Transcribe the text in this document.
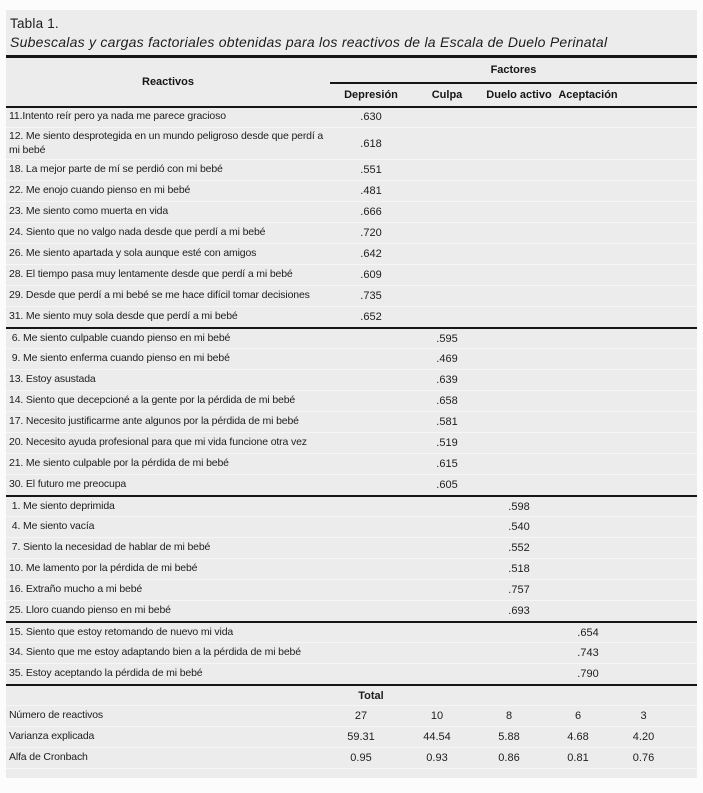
Tabla 1.
Subescalas y cargas factoriales obtenidas para los reactivos de la Escala de Duelo Perinatal
Reactivos	Factores				
	Depresión	Culpa	Duelo activo	Aceptación	
11.Intento reír pero ya nada me parece gracioso	.630				
12. Me siento desprotegida en un mundo peligroso desde que perdí a mi bebé	.618				
18. La mejor parte de mí se perdió con mi bebé	.551				
22. Me enojo cuando pienso en mi bebé	.481				
23. Me siento como muerta en vida	.666				
24. Siento que no valgo nada desde que perdí a mi bebé	.720				
26. Me siento apartada y sola aunque esté con amigos	.642				
28. El tiempo pasa muy lentamente desde que perdí a mi bebé	.609				
29. Desde que perdí a mi bebé se me hace difícil tomar decisiones	.735				
31. Me siento muy sola desde que perdí a mi bebé	.652				
6. Me siento culpable cuando pienso en mi bebé		.595			
9. Me siento enferma cuando pienso en mi bebé		.469			
13. Estoy asustada		.639			
14. Siento que decepcioné a la gente por la pérdida de mi bebé		.658			
17. Necesito justificarme ante algunos por la pérdida de mi bebé		.581			
20. Necesito ayuda profesional para que mi vida funcione otra vez		.519			
21. Me siento culpable por la pérdida de mi bebé		.615			
30. El futuro me preocupa		.605			
1. Me siento deprimida			.598		
4. Me siento vacía			.540		
7. Siento la necesidad de hablar de mi bebé			.552		
10. Me lamento por la pérdida de mi bebé			.518		
16. Extraño mucho a mi bebé			.757		
25. Lloro cuando pienso en mi bebé			.693		
15. Siento que estoy retomando de nuevo mi vida				.654	
34. Siento que me estoy adaptando bien a la pérdida de mi bebé				.743	
35. Estoy aceptando la pérdida de mi bebé				.790	
	Total				
Número de reactivos	27	10	8	6	3
Varianza explicada	59.31	44.54	5.88	4.68	4.20
Alfa de Cronbach	0.95	0.93	0.86	0.81	0.76
